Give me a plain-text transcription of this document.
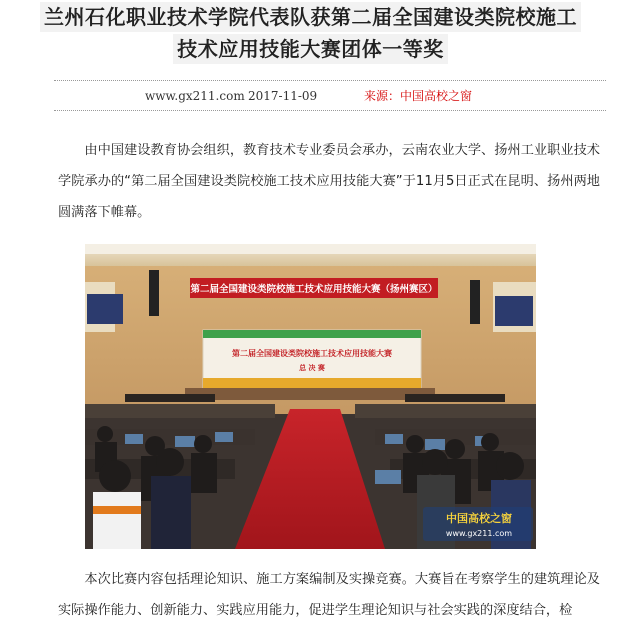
兰州石化职业技术学院代表队获第二届全国建设类院校施工
技术应用技能大赛团体一等奖
www.gx211.com 2017-11-09	来源：中国高校之窗

由中国建设教育协会组织，教育技术专业委员会承办，云南农业大学、扬州工业职业技术学院承办的“第二届全国建设类院校施工技术应用技能大赛”于11月5日正式在昆明、扬州两地圆满落下帷幕。

第二届全国建设类院校施工技术应用技能大赛（扬州赛区）
第二届全国建设类院校施工技术应用技能大赛
总 决 赛
中国高校之窗
www.gx211.com

本次比赛内容包括理论知识、施工方案编制及实操竞赛。大赛旨在考察学生的建筑理论及实际操作能力、创新能力、实践应用能力，促进学生理论知识与社会实践的深度结合，检
